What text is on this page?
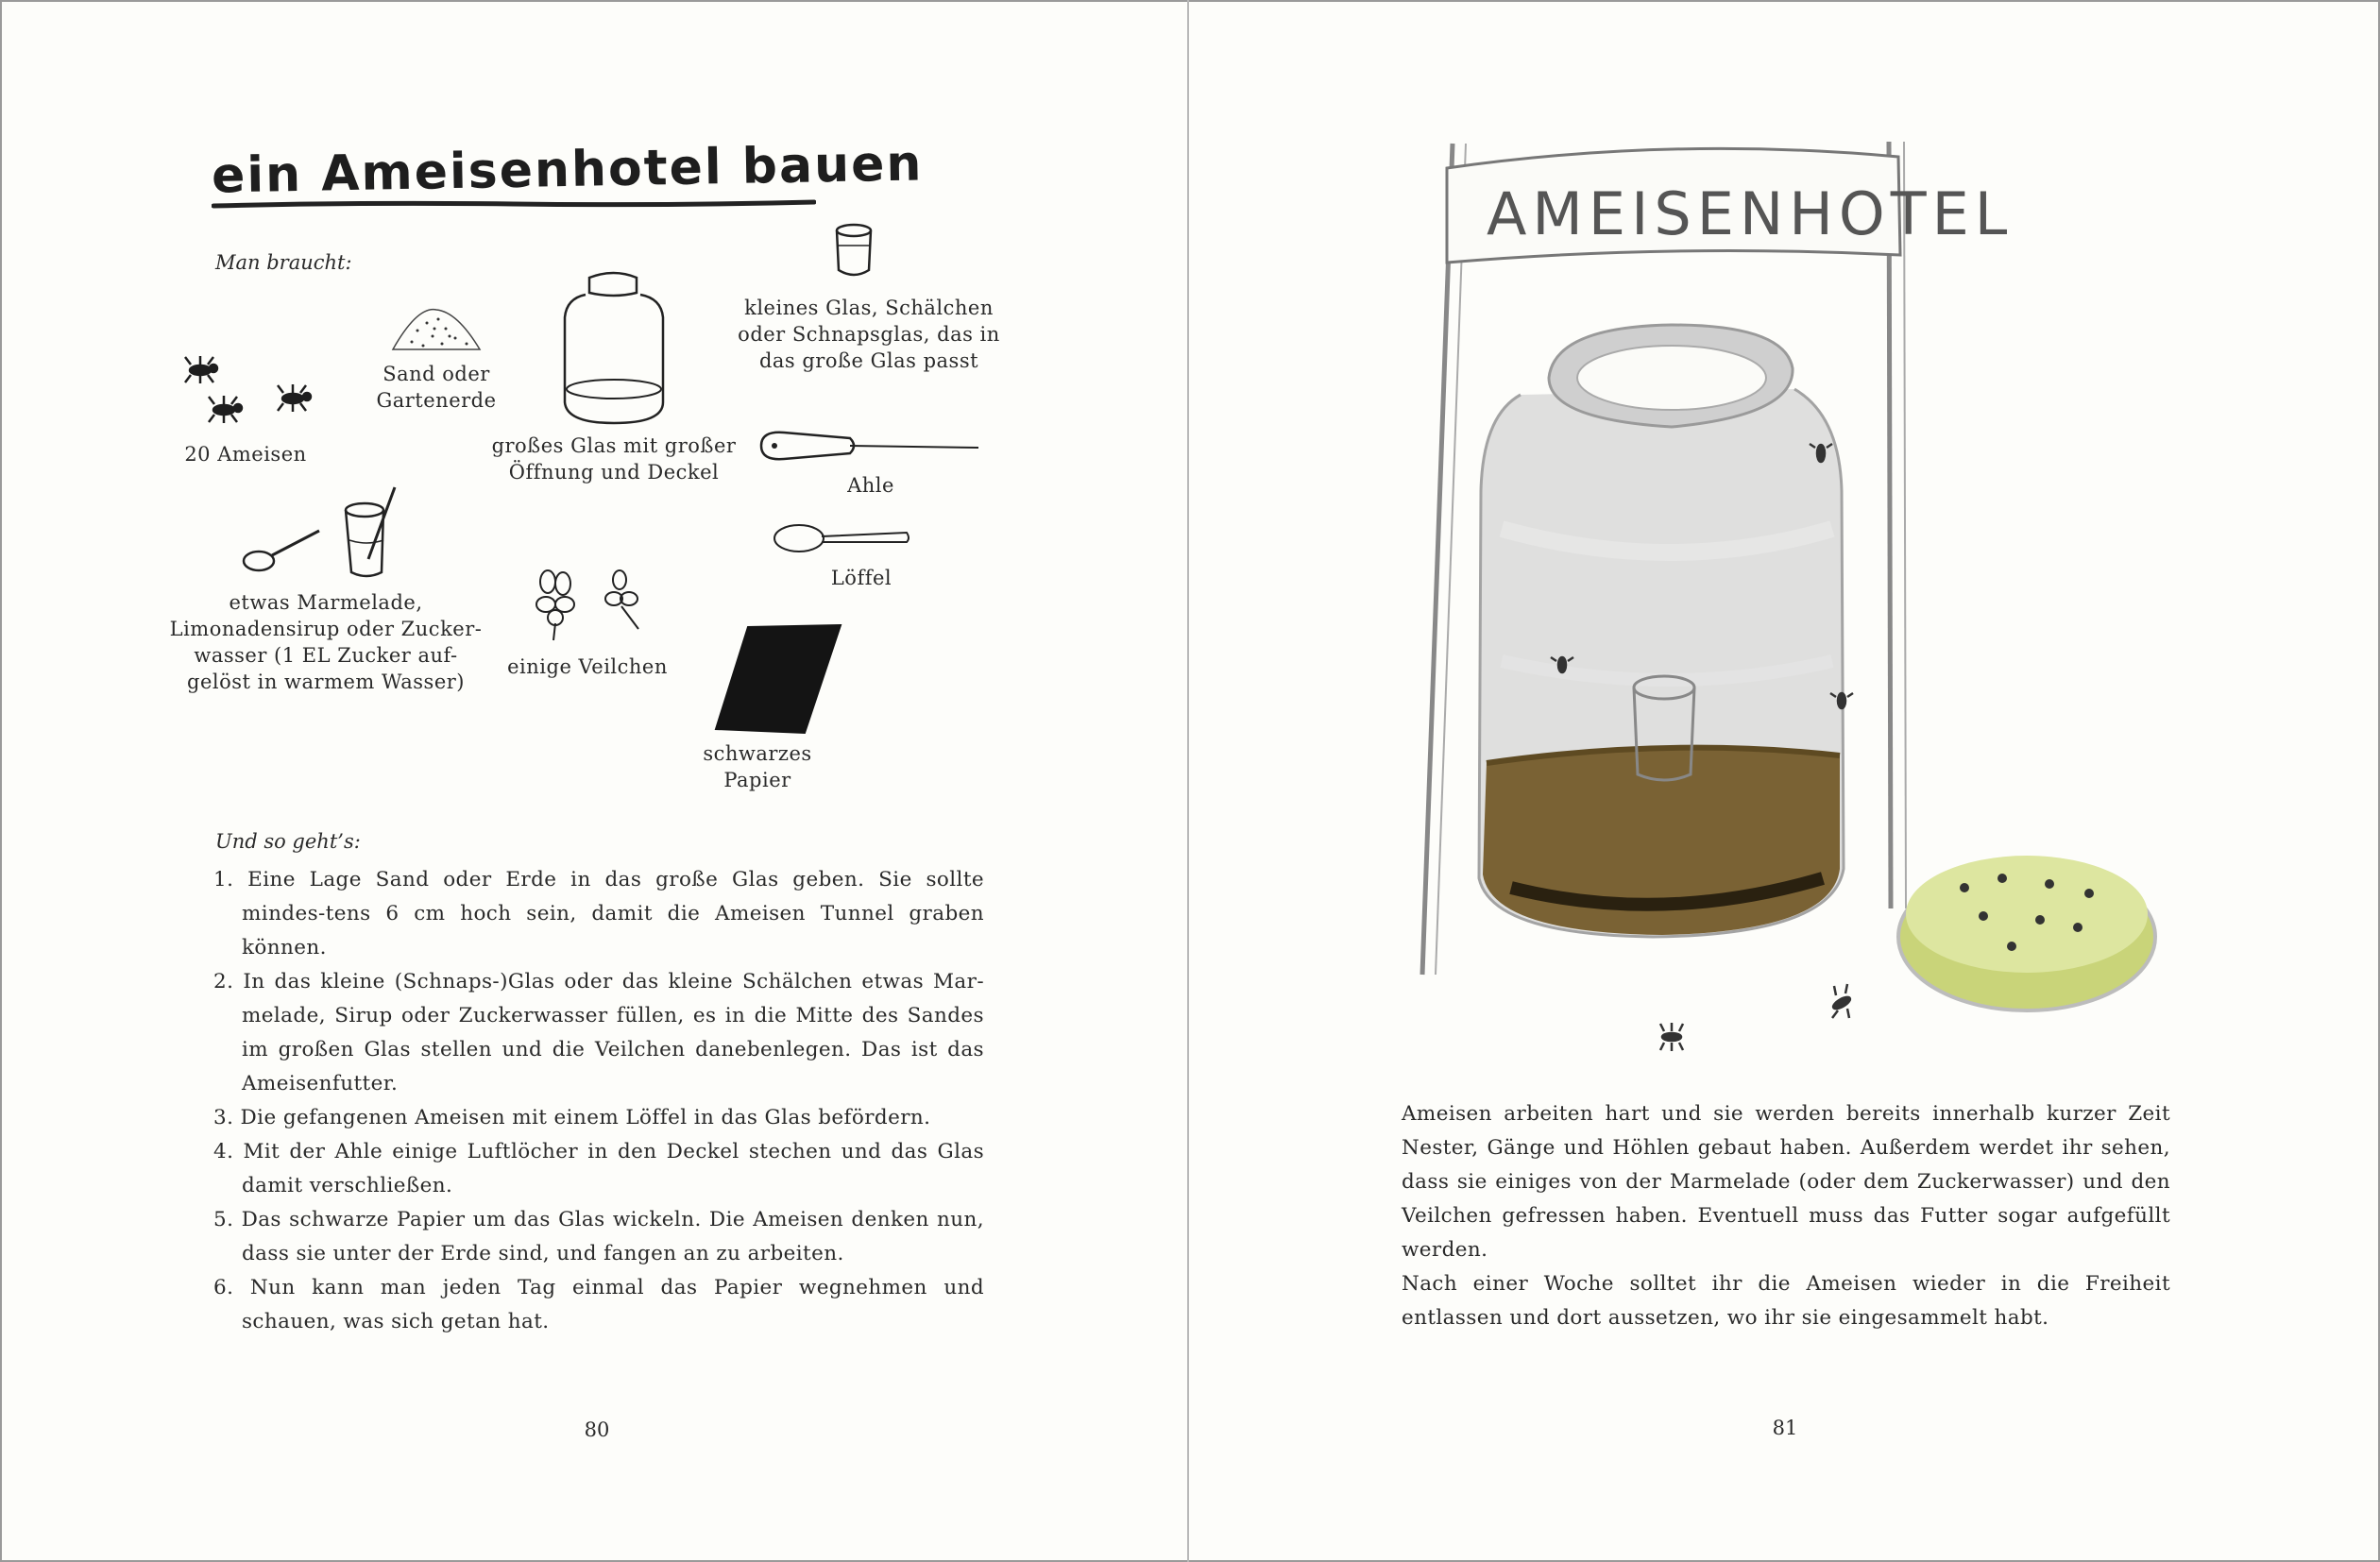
ein Ameisenhotel bauen
Man braucht:
20 Ameisen
Sand oder
Gartenerde
großes Glas mit großer
Öffnung und Deckel
kleines Glas, Schälchen
oder Schnapsglas, das in
das große Glas passt
Ahle
Löffel
etwas Marmelade,
Limonadensirup oder Zucker-
wasser (1 EL Zucker auf-
gelöst in warmem Wasser)
einige Veilchen
schwarzes
Papier
Und so geht’s:
1. Eine Lage Sand oder Erde in das große Glas geben. Sie sollte mindes-tens 6 cm hoch sein, damit die Ameisen Tunnel graben können.
2. In das kleine (Schnaps-)Glas oder das kleine Schälchen etwas Mar-melade, Sirup oder Zuckerwasser füllen, es in die Mitte des Sandes im großen Glas stellen und die Veilchen danebenlegen. Das ist das Ameisenfutter.
3. Die gefangenen Ameisen mit einem Löffel in das Glas befördern.
4. Mit der Ahle einige Luftlöcher in den Deckel stechen und das Glas damit verschließen.
5. Das schwarze Papier um das Glas wickeln. Die Ameisen denken nun, dass sie unter der Erde sind, und fangen an zu arbeiten.
6. Nun kann man jeden Tag einmal das Papier wegnehmen und schauen, was sich getan hat.
80
AMEISENHOTEL

Ameisen arbeiten hart und sie werden bereits innerhalb kurzer Zeit Nester, Gänge und Höhlen gebaut haben. Außerdem werdet ihr sehen, dass sie einiges von der Marmelade (oder dem Zuckerwasser) und den Veilchen gefressen haben. Eventuell muss das Futter sogar aufgefüllt werden.
Nach einer Woche solltet ihr die Ameisen wieder in die Freiheit entlassen und dort aussetzen, wo ihr sie eingesammelt habt.

81
